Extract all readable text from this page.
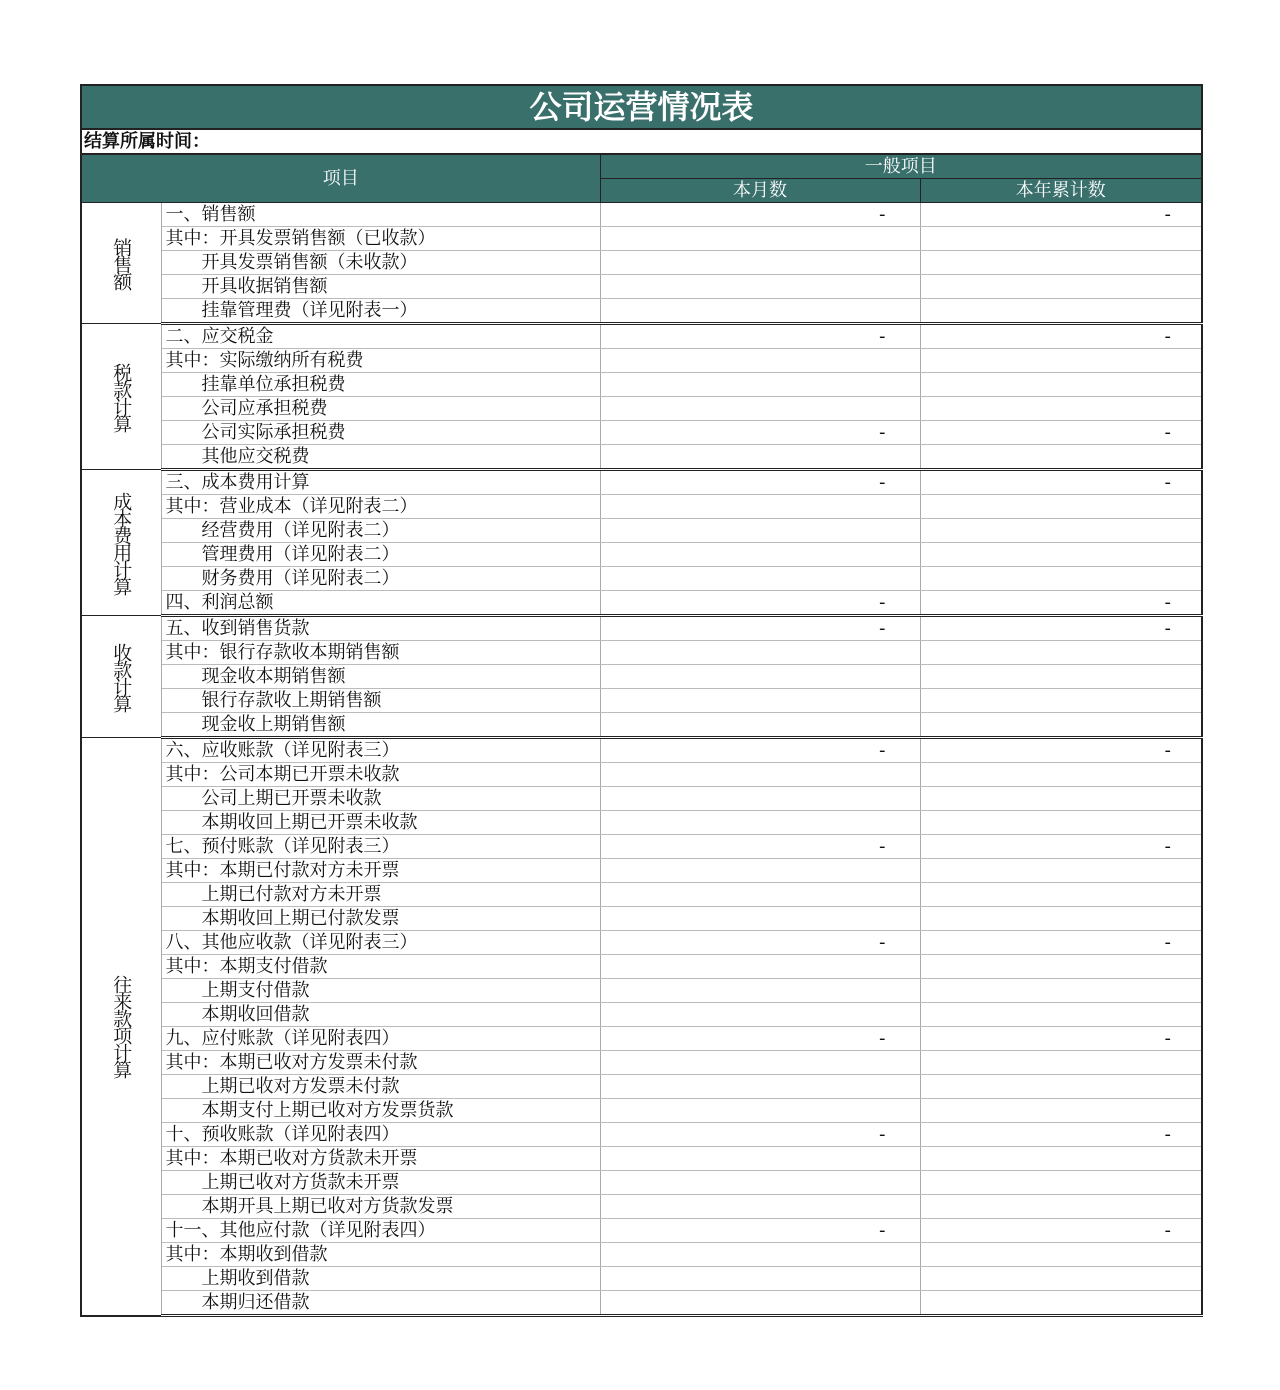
公司运营情况表			
结算所属时间：			
项目		一般项目	
		本月数	本年累计数
销售额	一、销售额	-	-
	其中：开具发票销售额（已收款）		
	开具发票销售额（未收款）		
	开具收据销售额		
	挂靠管理费（详见附表一）		
税款计算	二、应交税金	-	-
	其中：实际缴纳所有税费		
	挂靠单位承担税费		
	公司应承担税费		
	公司实际承担税费	-	-
	其他应交税费		
成本费用计算	三、成本费用计算	-	-
	其中：营业成本（详见附表二）		
	经营费用（详见附表二）		
	管理费用（详见附表二）		
	财务费用（详见附表二）		
	四、利润总额	-	-
收款计算	五、收到销售货款	-	-
	其中：银行存款收本期销售额		
	现金收本期销售额		
	银行存款收上期销售额		
	现金收上期销售额		
往来款项计算	六、应收账款（详见附表三）	-	-
	其中：公司本期已开票未收款		
	公司上期已开票未收款		
	本期收回上期已开票未收款		
	七、预付账款（详见附表三）	-	-
	其中：本期已付款对方未开票		
	上期已付款对方未开票		
	本期收回上期已付款发票		
	八、其他应收款（详见附表三）	-	-
	其中：本期支付借款		
	上期支付借款		
	本期收回借款		
	九、应付账款（详见附表四）	-	-
	其中：本期已收对方发票未付款		
	上期已收对方发票未付款		
	本期支付上期已收对方发票货款		
	十、预收账款（详见附表四）	-	-
	其中：本期已收对方货款未开票		
	上期已收对方货款未开票		
	本期开具上期已收对方货款发票		
	十一、其他应付款（详见附表四）	-	-
	其中：本期收到借款		
	上期收到借款		
	本期归还借款		
